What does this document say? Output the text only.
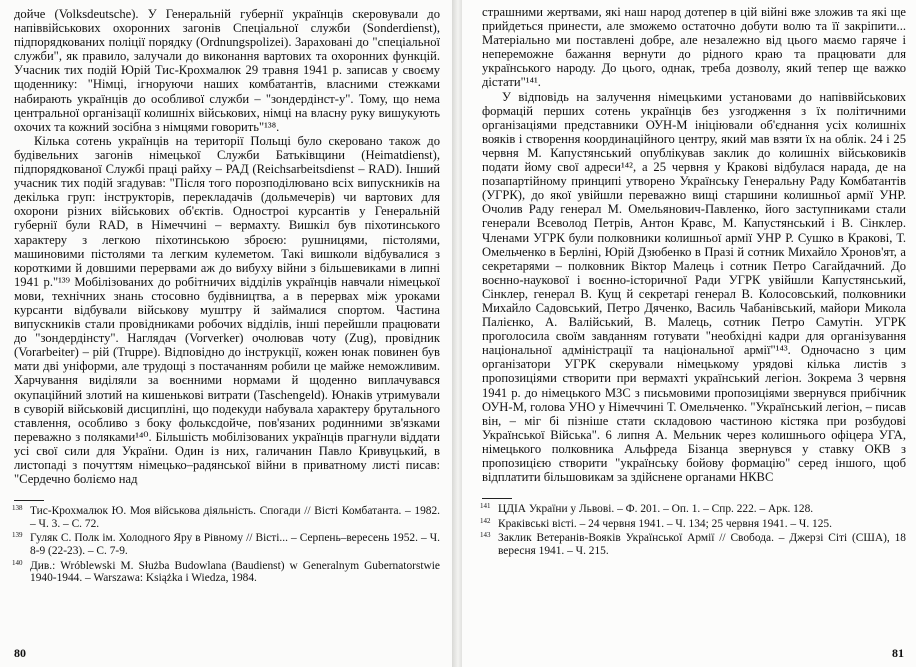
дойче (Volksdeutsche). У Генеральній губернії українців скеровували до напіввійськових охоронних загонів Спеціальної служби (Sonderdienst), підпорядкованих поліції порядку (Ordnungspolizei). Зараховані до "спеціальної служби", як правило, залучали до виконання вартових та охоронних функцій. Учасник тих подій Юрій Тис-Крохмалюк 29 травня 1941 р. записав у своєму щоденнику: "Німці, ігноруючи наших комбатантів, власними стежками набирають українців до особливої служби – "зондердінст-у". Тому, що нема центральної організації колишніх військових, німці на власну руку вишукують охочих та кожний зосібна з німцями говорить"¹³⁸.

Кілька сотень українців на території Польщі було скеровано також до будівельних загонів німецької Служби Батьківщини (Heimatdienst), підпорядкованої Службі праці райху – РАД (Reichsarbeitsdienst – RAD). Інший учасник тих подій згадував: "Після того порозподілювано всіх випускників на декілька груп: інструкторів, перекладачів (дольмечерів) чи вартових для охорони різних військових об'єктів. Одностроі курсантів у Генеральній губернії були RAD, в Німеччині – вермахту. Вишкіл був піхотинського характеру з легкою піхотинською зброєю: рушницями, пістолями, машиновими пістолями та легким кулеметом. Такі вишколи відбувалися з короткими й довшими перервами аж до вибуху війни з більшевиками в липні 1941 р."¹³⁹ Мобілізованих до робітничих відділів українців навчали німецької мови, технічних знань стосовно будівництва, а в перервах між уроками курсанти відбували військову муштру й займалися спортом. Частина випускників стали провідниками робочих відділів, інші перейшли працювати до "зондердінсту". Наглядач (Vorverker) очолював чоту (Zug), провідник (Vorarbeiter) – рій (Truppe). Відповідно до інструкції, кожен юнак повинен був мати дві уніформи, але трудощі з постачанням робили це майже неможливим. Харчування виділяли за воєнними нормами й щоденно виплачувався окупаційний злотий на кишенькові витрати (Taschengeld). Юнаків утримували в суворій військовій дисципліні, що подекуди набувала характеру брутального ставлення, особливо з боку фольксдойче, пов'язаних родинними зв'язками переважно з поляками¹⁴⁰. Більшість мобілізованих українців прагнули віддати усі свої сили для України. Один із них, галичанин Павло Кривуцький, в листопаді з почуттям німецько–радянської війни в приватному листі писав: "Сердечно боліємо над

138 Тис-Крохмалюк Ю. Моя військова діяльність. Спогади // Вісті Комбатанта. – 1982. – Ч. 3. – С. 72.
139 Гуляк С. Полк ім. Холодного Яру в Рівному // Вісті... – Серпень–вересень 1952. – Ч. 8-9 (22-23). – С. 7-9.
140 Див.: Wróblewski M. Służba Budowlana (Baudienst) w Generalnym Gubernatorstwie 1940-1944. – Warszawa: Książka i Wiedza, 1984.
80

страшними жертвами, які наш народ дотепер в цій війні вже зложив та які ще прийдеться принести, але зможемо остаточно добути волю та її закріпити... Матеріально ми поставлені добре, але незалежно від цього маємо гаряче і непереможне бажання вернути до рідного краю та працювати для українського народу. До цього, однак, треба дозволу, який тепер ще важко дістати"¹⁴¹.

У відповідь на залучення німецькими установами до напіввійськових формацій перших сотень українців без узгодження з їх політичними організаціями представники ОУН-М ініціювали об'єднання усіх колишніх вояків і створення координаційного центру, який мав взяти їх на облік. 24 і 25 червня М. Капустянський опублікував заклик до колишніх військовиків подати йому свої адреси¹⁴², а 25 червня у Кракові відбулася нарада, де на позапартійному принципі утворено Українську Генеральну Раду Комбатантів (УГРК), до якої увійшли переважно вищі старшини колишньої армії УНР. Очолив Раду генерал М. Омельянович-Павленко, його заступниками стали генерали Всеволод Петрів, Антон Кравс, М. Капустянський і В. Сінклер. Членами УГРК були полковники колишньої армії УНР Р. Сушко в Кракові, Т. Омельченко в Берліні, Юрій Дзюбенко в Празі й сотник Михайло Хронов'ят, а секретарями – полковник Віктор Малець і сотник Петро Сагайдачний. До воєнно-наукової і воєнно-історичної Ради УГРК увійшли Капустянський, Сінклер, генерал В. Кущ й секретарі генерал В. Колосовський, полковники Михайло Садовський, Петро Дяченко, Василь Чабанівський, майори Микола Палієнко, А. Валійський, В. Малець, сотник Петро Самутін. УГРК проголосила своїм завданням готувати "необхідні кадри для організування національної адміністрації та національної армії"¹⁴³. Одночасно з цим організатори УГРК скерували німецькому урядові кілька листів з пропозиціями створити при вермахті український легіон. Зокрема 3 червня 1941 р. до німецького МЗС з письмовими пропозиціями звернувся прибічник ОУН-М, голова УНО у Німеччині Т. Омельченко. "Український легіон, – писав він, – міг бі пізніше стати складовою частиною кістяка при розбудові Української Війська". 6 липня А. Мельник через колишнього офіцера УГА, німецького полковника Альфреда Бізанца звернувся у ставку ОКВ з пропозицією створити "українську бойову формацію" серед іншого, щоб відплатити більшовикам за здійснене органами НКВС

141 ЦДІА України у Львові. – Ф. 201. – Оп. 1. – Спр. 222. – Арк. 128.
142 Краківські вісті. – 24 червня 1941. – Ч. 134; 25 червня 1941. – Ч. 125.
143 Заклик Ветеранів-Вояків Української Армії // Свобода. – Джерзі Сіті (США), 18 вересня 1941. – Ч. 215.
81
